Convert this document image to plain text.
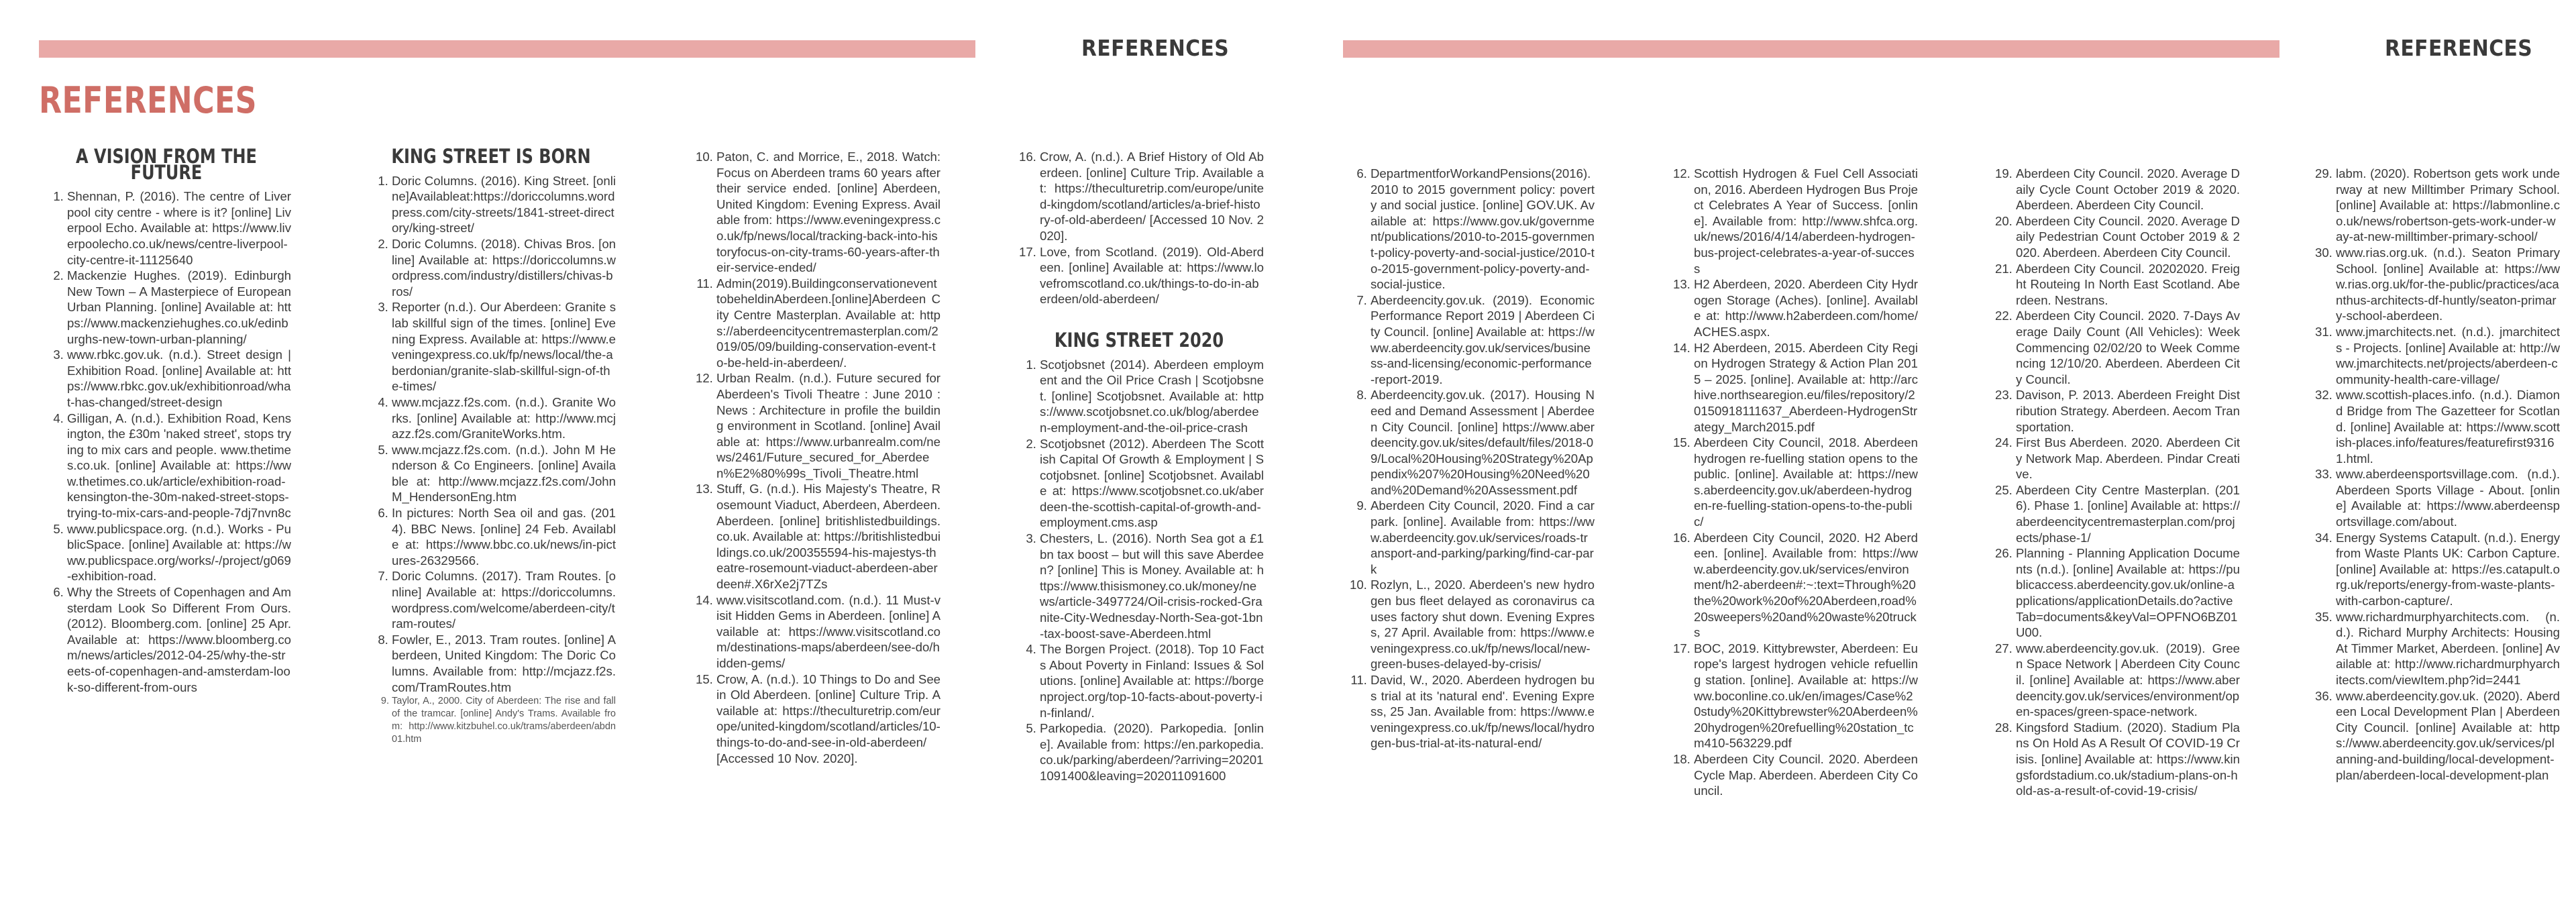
REFERENCES	REFERENCES
REFERENCES
A VISION FROM THE FUTURE
1. Shennan, P. (2016). The centre of Liverpool city centre - where is it? [online] Liverpool Echo. Available at: https://www.liverpoolecho.co.uk/news/centre-liverpool-city-centre-it-11125640
2. Mackenzie Hughes. (2019). Edinburgh New Town – A Masterpiece of European Urban Planning. [online] Available at: https://www.mackenziehughes.co.uk/edinburghs-new-town-urban-planning/
3. www.rbkc.gov.uk. (n.d.). Street design | Exhibition Road. [online] Available at: https://www.rbkc.gov.uk/exhibitionroad/what-has-changed/street-design
4. Gilligan, A. (n.d.). Exhibition Road, Kensington, the £30m 'naked street', stops trying to mix cars and people. www.thetimes.co.uk. [online] Available at: https://www.thetimes.co.uk/article/exhibition-road-kensington-the-30m-naked-street-stops-trying-to-mix-cars-and-people-7dj7nvn8c
5. www.publicspace.org. (n.d.). Works - PublicSpace. [online] Available at: https://www.publicspace.org/works/-/project/g069-exhibition-road.
6. Why the Streets of Copenhagen and Amsterdam Look So Different From Ours. (2012). Bloomberg.com. [online] 25 Apr. Available at: https://www.bloomberg.com/news/articles/2012-04-25/why-the-streets-of-copenhagen-and-amsterdam-look-so-different-from-ours
KING STREET IS BORN
1. Doric Columns. (2016). King Street. [online]Availableat:https://doriccolumns.wordpress.com/city-streets/1841-street-directory/king-street/
2. Doric Columns. (2018). Chivas Bros. [online] Available at: https://doriccolumns.wordpress.com/industry/distillers/chivas-bros/
3. Reporter (n.d.). Our Aberdeen: Granite slab skillful sign of the times. [online] Evening Express. Available at: https://www.eveningexpress.co.uk/fp/news/local/the-aberdonian/granite-slab-skillful-sign-of-the-times/
4. www.mcjazz.f2s.com. (n.d.). Granite Works. [online] Available at: http://www.mcjazz.f2s.com/GraniteWorks.htm.
5. www.mcjazz.f2s.com. (n.d.). John M Henderson & Co Engineers. [online] Available at: http://www.mcjazz.f2s.com/JohnM_HendersonEng.htm
6. In pictures: North Sea oil and gas. (2014). BBC News. [online] 24 Feb. Available at: https://www.bbc.co.uk/news/in-pictures-26329566.
7. Doric Columns. (2017). Tram Routes. [online] Available at: https://doriccolumns.wordpress.com/welcome/aberdeen-city/tram-routes/
8. Fowler, E., 2013. Tram routes. [online] Aberdeen, United Kingdom: The Doric Columns. Available from: http://mcjazz.f2s.com/TramRoutes.htm
9. Taylor, A., 2000. City of Aberdeen: The rise and fall of the tramcar. [online] Andy's Trams. Available from: http://www.kitzbuhel.co.uk/trams/aberdeen/abdn01.htm
10. Paton, C. and Morrice, E., 2018. Watch: Focus on Aberdeen trams 60 years after their service ended. [online] Aberdeen, United Kingdom: Evening Express. Available from: https://www.eveningexpress.co.uk/fp/news/local/tracking-back-into-historyfocus-on-city-trams-60-years-after-their-service-ended/
11. Admin(2019).Buildingconservationevent tobeheldinAberdeen.[online]Aberdeen City Centre Masterplan. Available at: https://aberdeencitycentremasterplan.com/2019/05/09/building-conservation-event-to-be-held-in-aberdeen/.
12. Urban Realm. (n.d.). Future secured for Aberdeen's Tivoli Theatre : June 2010 : News : Architecture in profile the building environment in Scotland. [online] Available at: https://www.urbanrealm.com/news/2461/Future_secured_for_Aberdeen%E2%80%99s_Tivoli_Theatre.html
13. Stuff, G. (n.d.). His Majesty's Theatre, Rosemount Viaduct, Aberdeen, Aberdeen. Aberdeen. [online] britishlistedbuildings.co.uk. Available at: https://britishlistedbuildings.co.uk/200355594-his-majestys-theatre-rosemount-viaduct-aberdeen-aberdeen#.X6rXe2j7TZs
14. www.visitscotland.com. (n.d.). 11 Must-visit Hidden Gems in Aberdeen. [online] Available at: https://www.visitscotland.com/destinations-maps/aberdeen/see-do/hidden-gems/
15. Crow, A. (n.d.). 10 Things to Do and See in Old Aberdeen. [online] Culture Trip. Available at: https://theculturetrip.com/europe/united-kingdom/scotland/articles/10-things-to-do-and-see-in-old-aberdeen/ [Accessed 10 Nov. 2020].
16. Crow, A. (n.d.). A Brief History of Old Aberdeen. [online] Culture Trip. Available at: https://theculturetrip.com/europe/united-kingdom/scotland/articles/a-brief-history-of-old-aberdeen/ [Accessed 10 Nov. 2020].
17. Love, from Scotland. (2019). Old-Aberdeen. [online] Available at: https://www.lovefromscotland.co.uk/things-to-do-in-aberdeen/old-aberdeen/
KING STREET 2020
1. Scotjobsnet (2014). Aberdeen employment and the Oil Price Crash | Scotjobsnet. [online] Scotjobsnet. Available at: https://www.scotjobsnet.co.uk/blog/aberdeen-employment-and-the-oil-price-crash
2. Scotjobsnet (2012). Aberdeen The Scottish Capital Of Growth & Employment | Scotjobsnet. [online] Scotjobsnet. Available at: https://www.scotjobsnet.co.uk/aberdeen-the-scottish-capital-of-growth-and-employment.cms.asp
3. Chesters, L. (2016). North Sea got a £1bn tax boost – but will this save Aberdeen? [online] This is Money. Available at: https://www.thisismoney.co.uk/money/news/article-3497724/Oil-crisis-rocked-Granite-City-Wednesday-North-Sea-got-1bn-tax-boost-save-Aberdeen.html
4. The Borgen Project. (2018). Top 10 Facts About Poverty in Finland: Issues & Solutions. [online] Available at: https://borgenproject.org/top-10-facts-about-poverty-in-finland/.
5. Parkopedia. (2020). Parkopedia. [online]. Available from: https://en.parkopedia.co.uk/parking/aberdeen/?arriving=202011091400&leaving=202011091600
6. DepartmentforWorkandPensions(2016). 2010 to 2015 government policy: poverty and social justice. [online] GOV.UK. Available at: https://www.gov.uk/government/publications/2010-to-2015-government-policy-poverty-and-social-justice/2010-to-2015-government-policy-poverty-and-social-justice.
7. Aberdeencity.gov.uk. (2019). Economic Performance Report 2019 | Aberdeen City Council. [online] Available at: https://www.aberdeencity.gov.uk/services/business-and-licensing/economic-performance-report-2019.
8. Aberdeencity.gov.uk. (2017). Housing Need and Demand Assessment | Aberdeen City Council. [online] https://www.aberdeencity.gov.uk/sites/default/files/2018-09/Local%20Housing%20Strategy%20Appendix%207%20Housing%20Need%20and%20Demand%20Assessment.pdf
9. Aberdeen City Council, 2020. Find a carpark. [online]. Available from: https://www.aberdeencity.gov.uk/services/roads-transport-and-parking/parking/find-car-park
10. Rozlyn, L., 2020. Aberdeen's new hydrogen bus fleet delayed as coronavirus causes factory shut down. Evening Express, 27 April. Available from: https://www.eveningexpress.co.uk/fp/news/local/new-green-buses-delayed-by-crisis/
11. David, W., 2020. Aberdeen hydrogen bus trial at its 'natural end'. Evening Express, 25 Jan. Available from: https://www.eveningexpress.co.uk/fp/news/local/hydrogen-bus-trial-at-its-natural-end/
12. Scottish Hydrogen & Fuel Cell Association, 2016. Aberdeen Hydrogen Bus Project Celebrates A Year of Success. [online]. Available from: http://www.shfca.org.uk/news/2016/4/14/aberdeen-hydrogen-bus-project-celebrates-a-year-of-success
13. H2 Aberdeen, 2020. Aberdeen City Hydrogen Storage (Aches). [online]. Available at: http://www.h2aberdeen.com/home/ACHES.aspx.
14. H2 Aberdeen, 2015. Aberdeen City Region Hydrogen Strategy & Action Plan 2015 – 2025. [online]. Available at: http://archive.northsearegion.eu/files/repository/20150918111637_Aberdeen-HydrogenStrategy_March2015.pdf
15. Aberdeen City Council, 2018. Aberdeen hydrogen re-fuelling station opens to the public. [online]. Available at: https://news.aberdeencity.gov.uk/aberdeen-hydrogen-re-fuelling-station-opens-to-the-public/
16. Aberdeen City Council, 2020. H2 Aberdeen. [online]. Available from: https://www.aberdeencity.gov.uk/services/environment/h2-aberdeen#:~:text=Through%20the%20work%20of%20Aberdeen,road%20sweepers%20and%20waste%20trucks
17. BOC, 2019. Kittybrewster, Aberdeen: Europe's largest hydrogen vehicle refuelling station. [online]. Available at: https://www.boconline.co.uk/en/images/Case%20study%20Kittybrewster%20Aberdeen%20hydrogen%20refuelling%20station_tcm410-563229.pdf
18. Aberdeen City Council. 2020. Aberdeen Cycle Map. Aberdeen. Aberdeen City Council.
19. Aberdeen City Council. 2020. Average Daily Cycle Count October 2019 & 2020. Aberdeen. Aberdeen City Council.
20. Aberdeen City Council. 2020. Average Daily Pedestrian Count October 2019 & 2020. Aberdeen. Aberdeen City Council.
21. Aberdeen City Council. 20202020. Freight Routeing In North East Scotland. Aberdeen. Nestrans.
22. Aberdeen City Council. 2020. 7-Days Average Daily Count (All Vehicles): Week Commencing 02/02/20 to Week Commencing 12/10/20. Aberdeen. Aberdeen City Council.
23. Davison, P. 2013. Aberdeen Freight Distribution Strategy. Aberdeen. Aecom Transportation.
24. First Bus Aberdeen. 2020. Aberdeen City Network Map. Aberdeen. Pindar Creative.
25. Aberdeen City Centre Masterplan. (2016). Phase 1. [online] Available at: https://aberdeencitycentremasterplan.com/projects/phase-1/
26. Planning - Planning Application Documents (n.d.). [online] Available at: https://publicaccess.aberdeencity.gov.uk/online-applications/applicationDetails.do?activeTab=documents&keyVal=OPFNO6BZ01U00.
27. www.aberdeencity.gov.uk. (2019). Green Space Network | Aberdeen City Council. [online] Available at: https://www.aberdeencity.gov.uk/services/environment/open-spaces/green-space-network.
28. Kingsford Stadium. (2020). Stadium Plans On Hold As A Result Of COVID-19 Crisis. [online] Available at: https://www.kingsfordstadium.co.uk/stadium-plans-on-hold-as-a-result-of-covid-19-crisis/
29. labm. (2020). Robertson gets work underway at new Milltimber Primary School. [online] Available at: https://labmonline.co.uk/news/robertson-gets-work-under-way-at-new-milltimber-primary-school/
30. www.rias.org.uk. (n.d.). Seaton Primary School. [online] Available at: https://www.rias.org.uk/for-the-public/practices/acanthus-architects-df-huntly/seaton-primary-school-aberdeen.
31. www.jmarchitects.net. (n.d.). jmarchitects - Projects. [online] Available at: http://www.jmarchitects.net/projects/aberdeen-community-health-care-village/
32. www.scottish-places.info. (n.d.). Diamond Bridge from The Gazetteer for Scotland. [online] Available at: https://www.scottish-places.info/features/featurefirst93161.html.
33. www.aberdeensportsvillage.com. (n.d.). Aberdeen Sports Village - About. [online] Available at: https://www.aberdeensportsvillage.com/about.
34. Energy Systems Catapult. (n.d.). Energy from Waste Plants UK: Carbon Capture. [online] Available at: https://es.catapult.org.uk/reports/energy-from-waste-plants-with-carbon-capture/.
35. www.richardmurphyarchitects.com. (n.d.). Richard Murphy Architects: Housing At Timmer Market, Aberdeen. [online] Available at: http://www.richardmurphyarchitects.com/viewItem.php?id=2441
36. www.aberdeencity.gov.uk. (2020). Aberdeen Local Development Plan | Aberdeen City Council. [online] Available at: https://www.aberdeencity.gov.uk/services/planning-and-building/local-development-plan/aberdeen-local-development-plan
